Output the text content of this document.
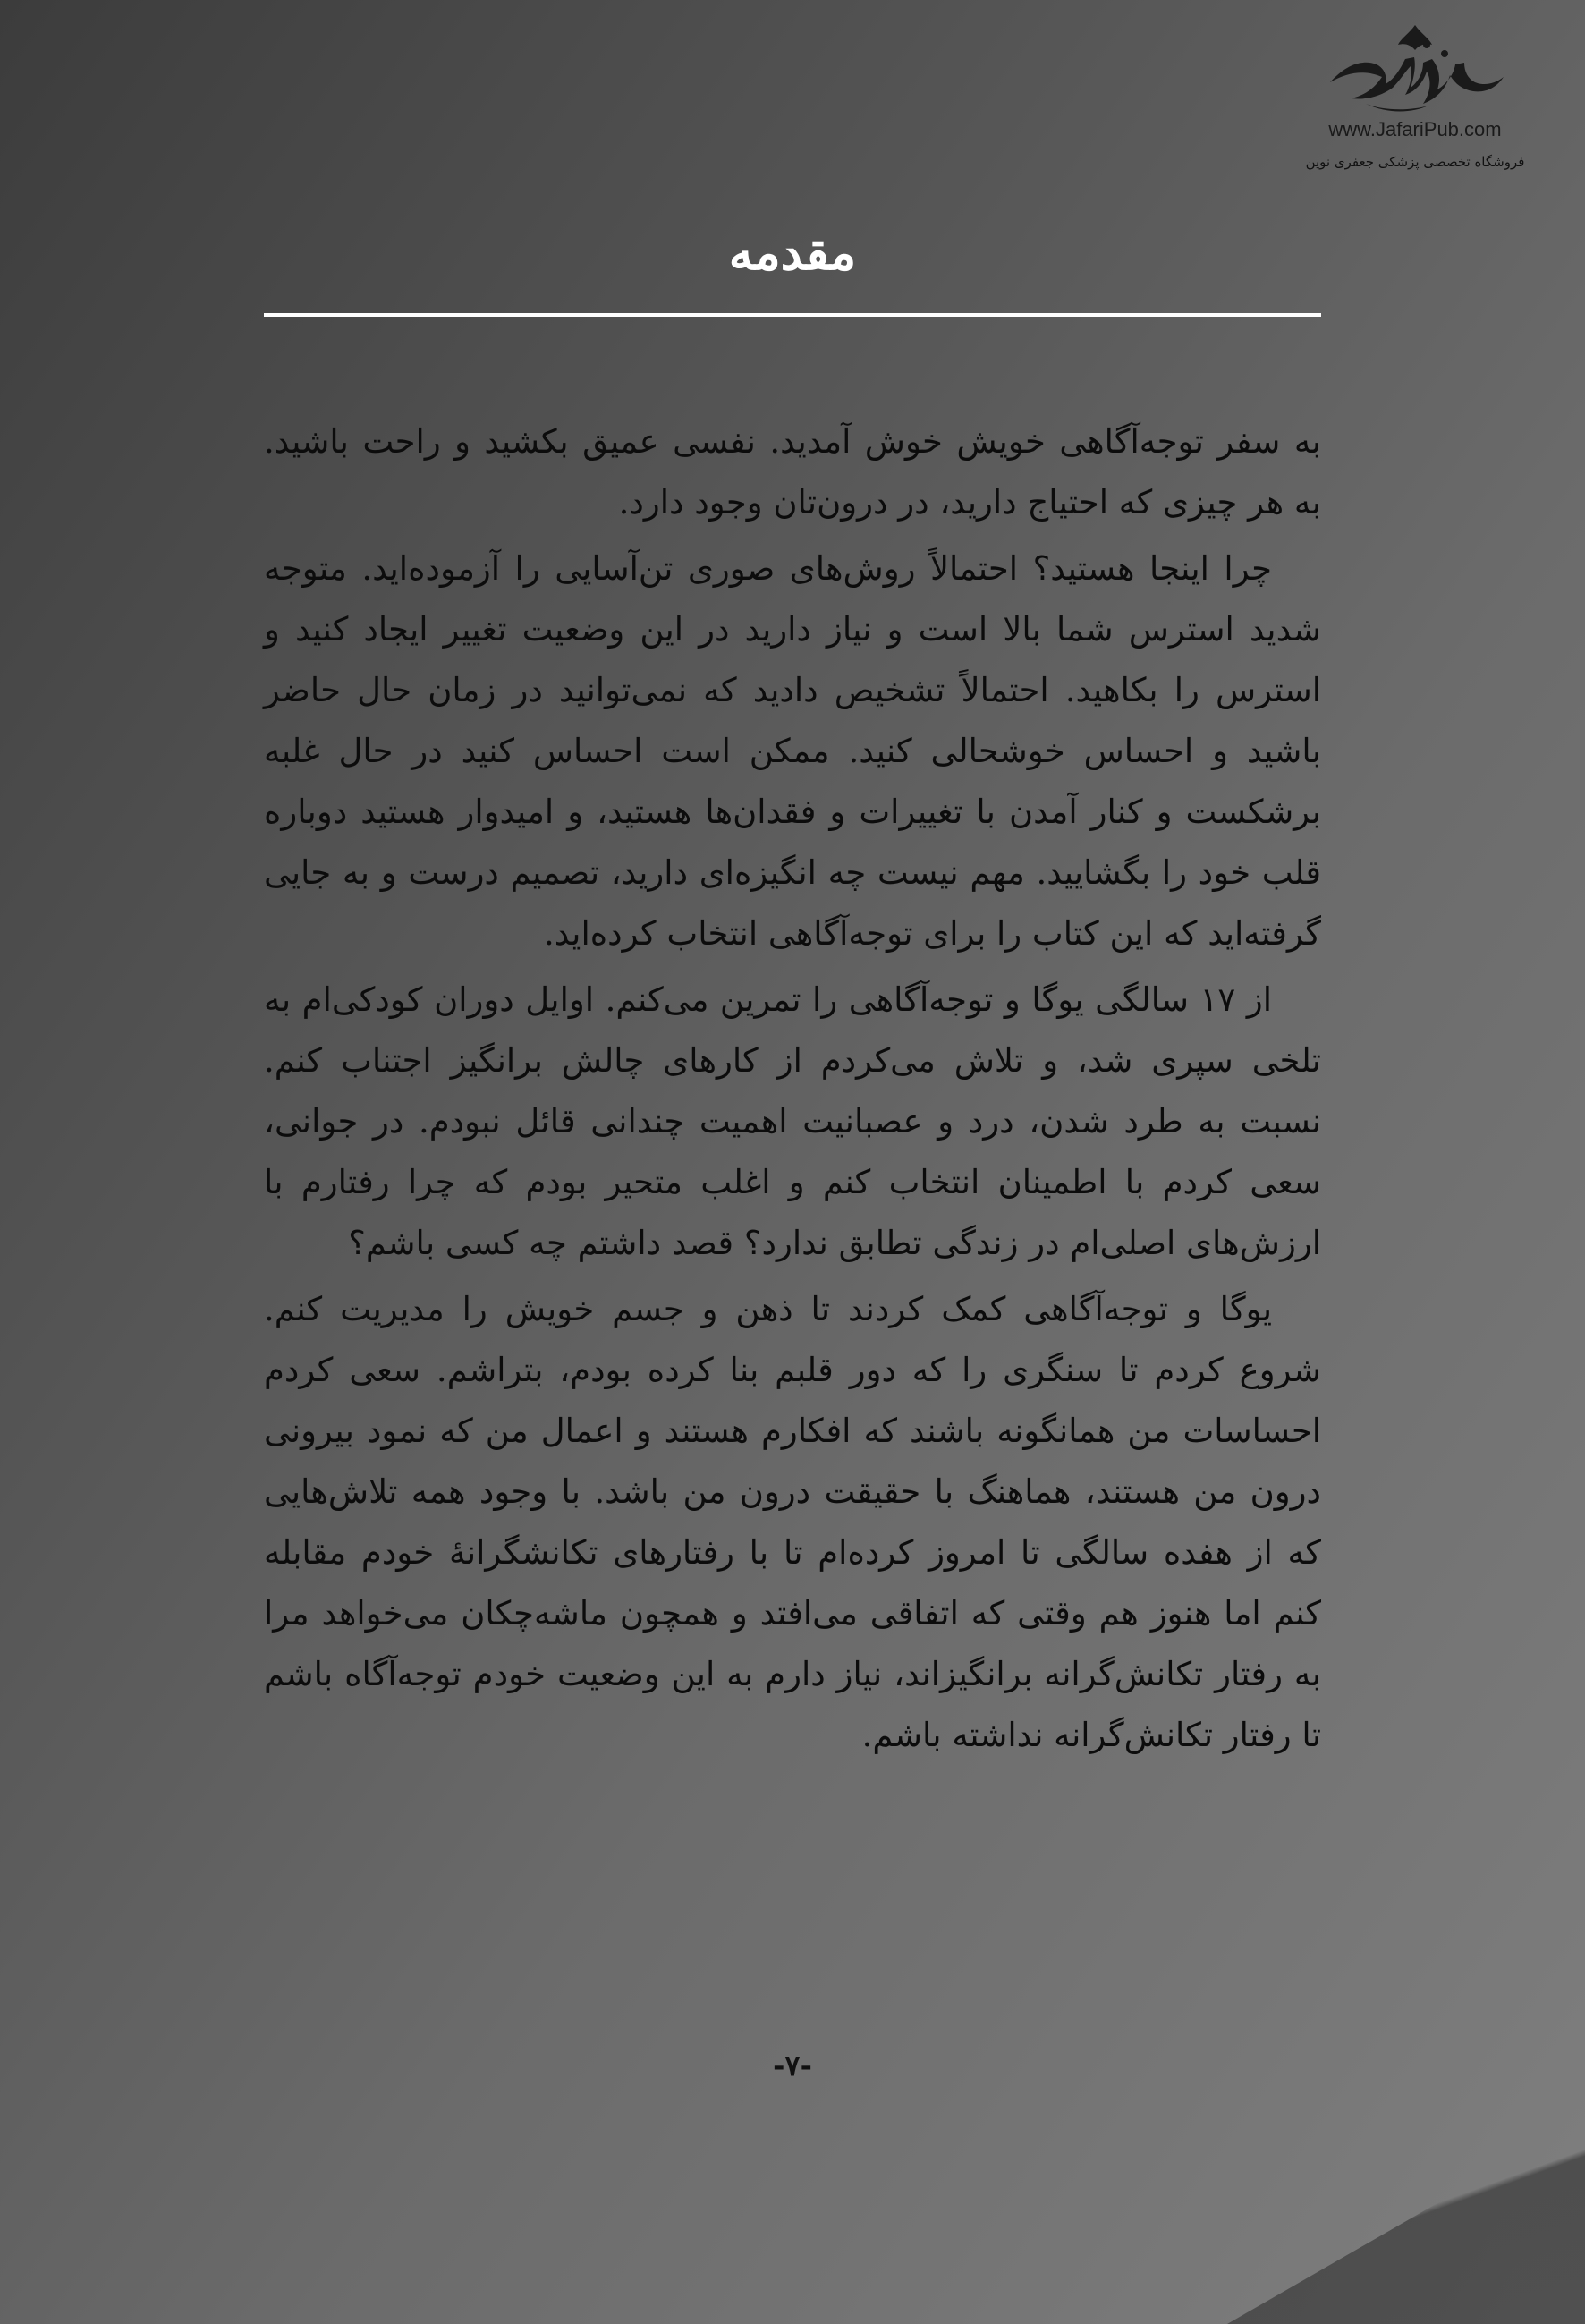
www.JafariPub.com
فروشگاه تخصصی پزشکی جعفری نوین
مقدمه

به سفر توجه‌آگاهی خویش خوش آمدید. نفسی عمیق بکشید و راحت باشید. به هر چیزی که احتیاج دارید، در درون‌تان وجود دارد.

چرا اینجا هستید؟ احتمالاً روش‌های صوری تن‌آسایی را آزموده‌اید. متوجه شدید استرس شما بالا است و نیاز دارید در این وضعیت تغییر ایجاد کنید و استرس را بکاهید. احتمالاً تشخیص دادید که نمی‌توانید در زمان حال حاضر باشید و احساس خوشحالی کنید. ممکن است احساس کنید در حال غلبه برشکست و کنار آمدن با تغییرات و فقدان‌ها هستید، و امیدوار هستید دوباره قلب خود را بگشایید. مهم نیست چه انگیزه‌ای دارید، تصمیم درست و به جایی گرفته‌اید که این کتاب را برای توجه‌آگاهی انتخاب کرده‌اید.

از ۱۷ سالگی یوگا و توجه‌آگاهی را تمرین می‌کنم. اوایل دوران کودکی‌ام به تلخی سپری شد، و تلاش می‌کردم از کارهای چالش برانگیز اجتناب کنم. نسبت به طرد شدن، درد و عصبانیت اهمیت چندانی قائل نبودم. در جوانی، سعی کردم با اطمینان انتخاب کنم و اغلب متحیر بودم که چرا رفتارم با ارزش‌های اصلی‌ام در زندگی تطابق ندارد؟ قصد داشتم چه کسی باشم؟

یوگا و توجه‌آگاهی کمک کردند تا ذهن و جسم خویش را مدیریت کنم. شروع کردم تا سنگری را که دور قلبم بنا کرده بودم، بتراشم. سعی کردم احساسات من همانگونه باشند که افکارم هستند و اعمال من که نمود بیرونی درون من هستند، هماهنگ با حقیقت درون من باشد. با وجود همه تلاش‌هایی که از هفده سالگی تا امروز کرده‌ام تا با رفتارهای تکانشگرانهٔ خودم مقابله کنم اما هنوز هم وقتی که اتفاقی می‌افتد و همچون ماشه‌چکان می‌خواهد مرا به رفتار تکانش‌گرانه برانگیزاند، نیاز دارم به این وضعیت خودم توجه‌آگاه باشم تا رفتار تکانش‌گرانه نداشته باشم.

-۷-
